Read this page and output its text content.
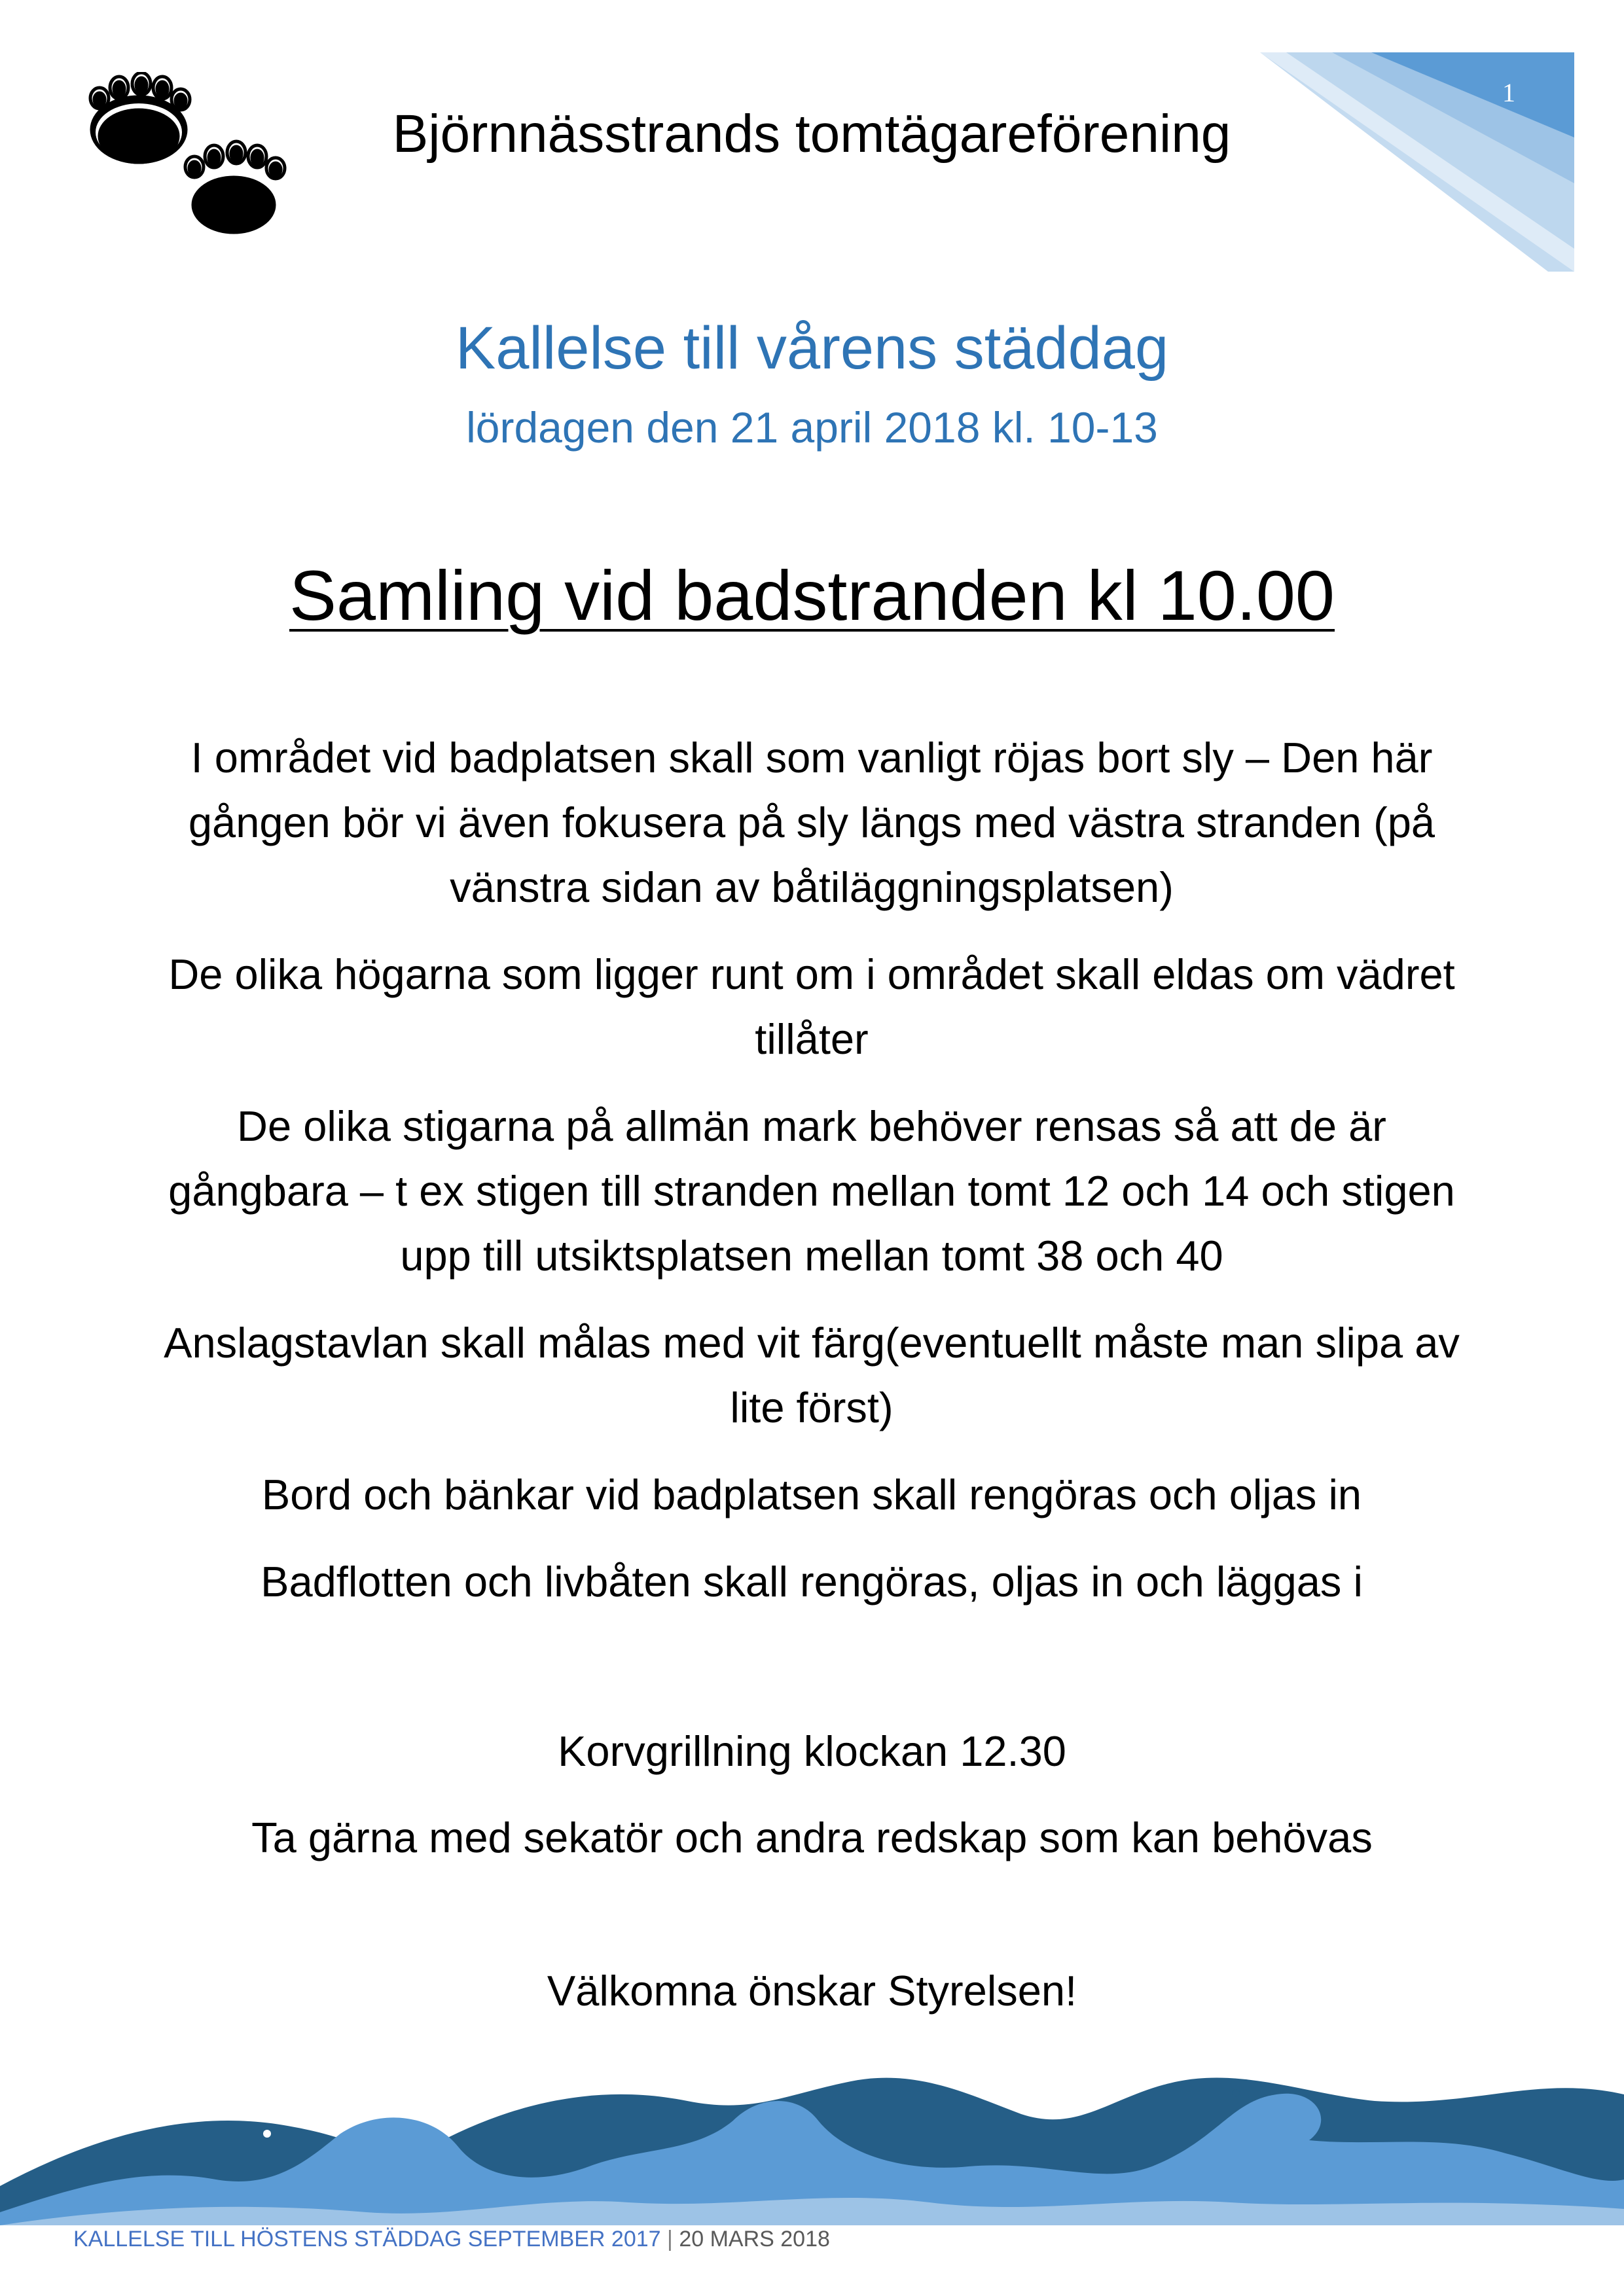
1
Björnnässtrands tomtägareförening
Kallelse till vårens städdag
lördagen den 21 april 2018 kl. 10-13
Samling vid badstranden kl 10.00

I området vid badplatsen skall som vanligt röjas bort sly – Den här gången bör vi även fokusera på sly längs med västra stranden (på vänstra sidan av båtiläggningsplatsen)

De olika högarna som ligger runt om i området skall eldas om vädret tillåter

De olika stigarna på allmän mark behöver rensas så att de är gångbara – t ex stigen till stranden mellan tomt 12 och 14 och stigen upp till utsiktsplatsen mellan tomt 38 och 40

Anslagstavlan skall målas med vit färg(eventuellt måste man slipa av lite först)

Bord och bänkar vid badplatsen skall rengöras och oljas in

Badflotten och livbåten skall rengöras, oljas in och läggas i

Korvgrillning klockan 12.30
Ta gärna med sekatör och andra redskap som kan behövas
Välkomna önskar Styrelsen!
KALLELSE TILL HÖSTENS STÄDDAG SEPTEMBER 2017 | 20 MARS 2018
